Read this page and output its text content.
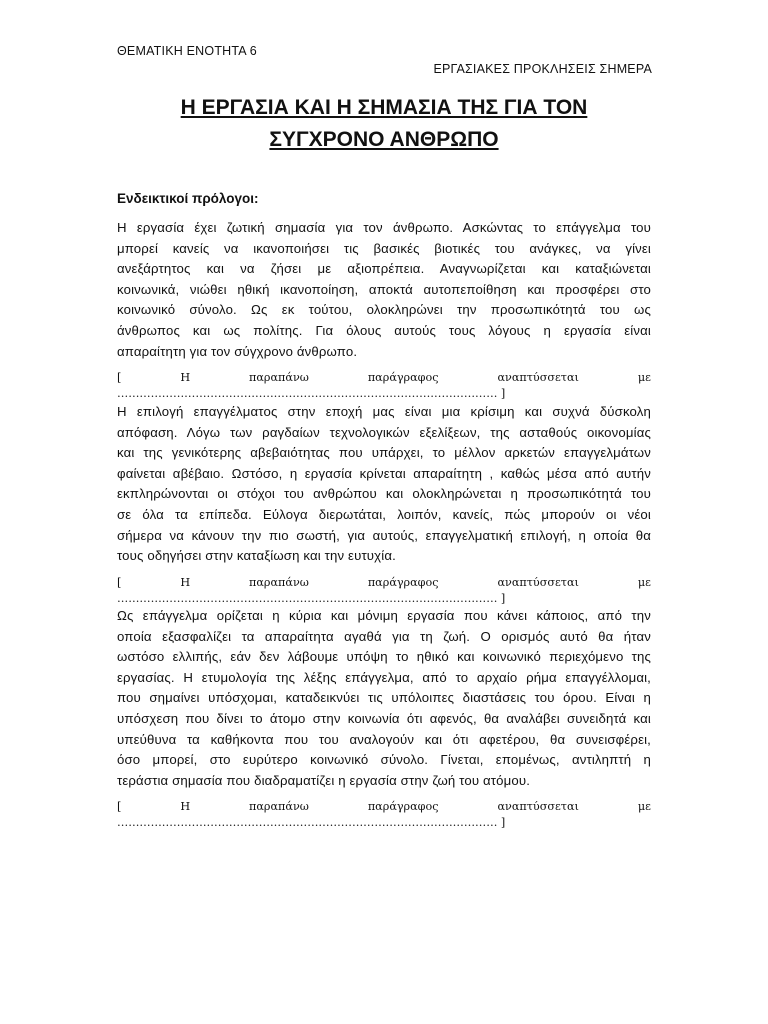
ΘΕΜΑΤΙΚΗ ΕΝΟΤΗΤΑ 6
ΕΡΓΑΣΙΑΚΕΣ ΠΡΟΚΛΗΣΕΙΣ ΣΗΜΕΡΑ
Η ΕΡΓΑΣΙΑ ΚΑΙ Η ΣΗΜΑΣΙΑ ΤΗΣ ΓΙΑ ΤΟΝ
ΣΥΓΧΡΟΝΟ ΑΝΘΡΩΠΟ
Ενδεικτικοί πρόλογοι:

Η εργασία έχει ζωτική σημασία για τον άνθρωπο. Ασκώντας το επάγγελμα του
μπορεί κανείς να ικανοποιήσει τις βασικές βιοτικές του ανάγκες, να γίνει
ανεξάρτητος και να ζήσει με αξιοπρέπεια. Αναγνωρίζεται και καταξιώνεται
κοινωνικά, νιώθει ηθική ικανοποίηση, αποκτά αυτοπεποίθηση και προσφέρει στο
κοινωνικό σύνολο. Ως εκ τούτου, ολοκληρώνει την προσωπικότητά του ως
άνθρωπος και ως πολίτης. Για όλους αυτούς τους λόγους η εργασία είναι
απαραίτητη για τον σύγχρονο άνθρωπο.

[	Η	παραπάνω	παράγραφος	αναπτύσσεται	με
………………………………………………………………………………………… ]

Η επιλογή επαγγέλματος στην εποχή μας είναι μια κρίσιμη και συχνά δύσκολη
απόφαση. Λόγω των ραγδαίων τεχνολογικών εξελίξεων, της ασταθούς οικονομίας
και της γενικότερης αβεβαιότητας που υπάρχει, το μέλλον αρκετών επαγγελμάτων
φαίνεται αβέβαιο. Ωστόσο, η εργασία κρίνεται απαραίτητη , καθώς μέσα από αυτήν
εκπληρώνονται οι στόχοι του ανθρώπου και ολοκληρώνεται η προσωπικότητά του
σε όλα τα επίπεδα. Εύλογα διερωτάται, λοιπόν, κανείς, πώς μπορούν οι νέοι
σήμερα να κάνουν την πιο σωστή, για αυτούς, επαγγελματική επιλογή, η οποία θα
τους οδηγήσει στην καταξίωση και την ευτυχία.

[	Η	παραπάνω	παράγραφος	αναπτύσσεται	με
………………………………………………………………………………………… ]

Ως επάγγελμα ορίζεται η κύρια και μόνιμη εργασία που κάνει κάποιος, από την
οποία εξασφαλίζει τα απαραίτητα αγαθά για τη ζωή. Ο ορισμός αυτό θα ήταν
ωστόσο ελλιπής, εάν δεν λάβουμε υπόψη το ηθικό και κοινωνικό περιεχόμενο της
εργασίας. Η ετυμολογία της λέξης επάγγελμα, από το αρχαίο ρήμα επαγγέλλομαι,
που σημαίνει υπόσχομαι, καταδεικνύει τις υπόλοιπες διαστάσεις του όρου. Είναι η
υπόσχεση που δίνει το άτομο στην κοινωνία ότι αφενός, θα αναλάβει συνειδητά και
υπεύθυνα τα καθήκοντα που του αναλογούν και ότι αφετέρου, θα συνεισφέρει,
όσο μπορεί, στο ευρύτερο κοινωνικό σύνολο. Γίνεται, επομένως, αντιληπτή η
τεράστια σημασία που διαδραματίζει η εργασία στην ζωή του ατόμου.

[	Η	παραπάνω	παράγραφος	αναπτύσσεται	με
………………………………………………………………………………………… ]
